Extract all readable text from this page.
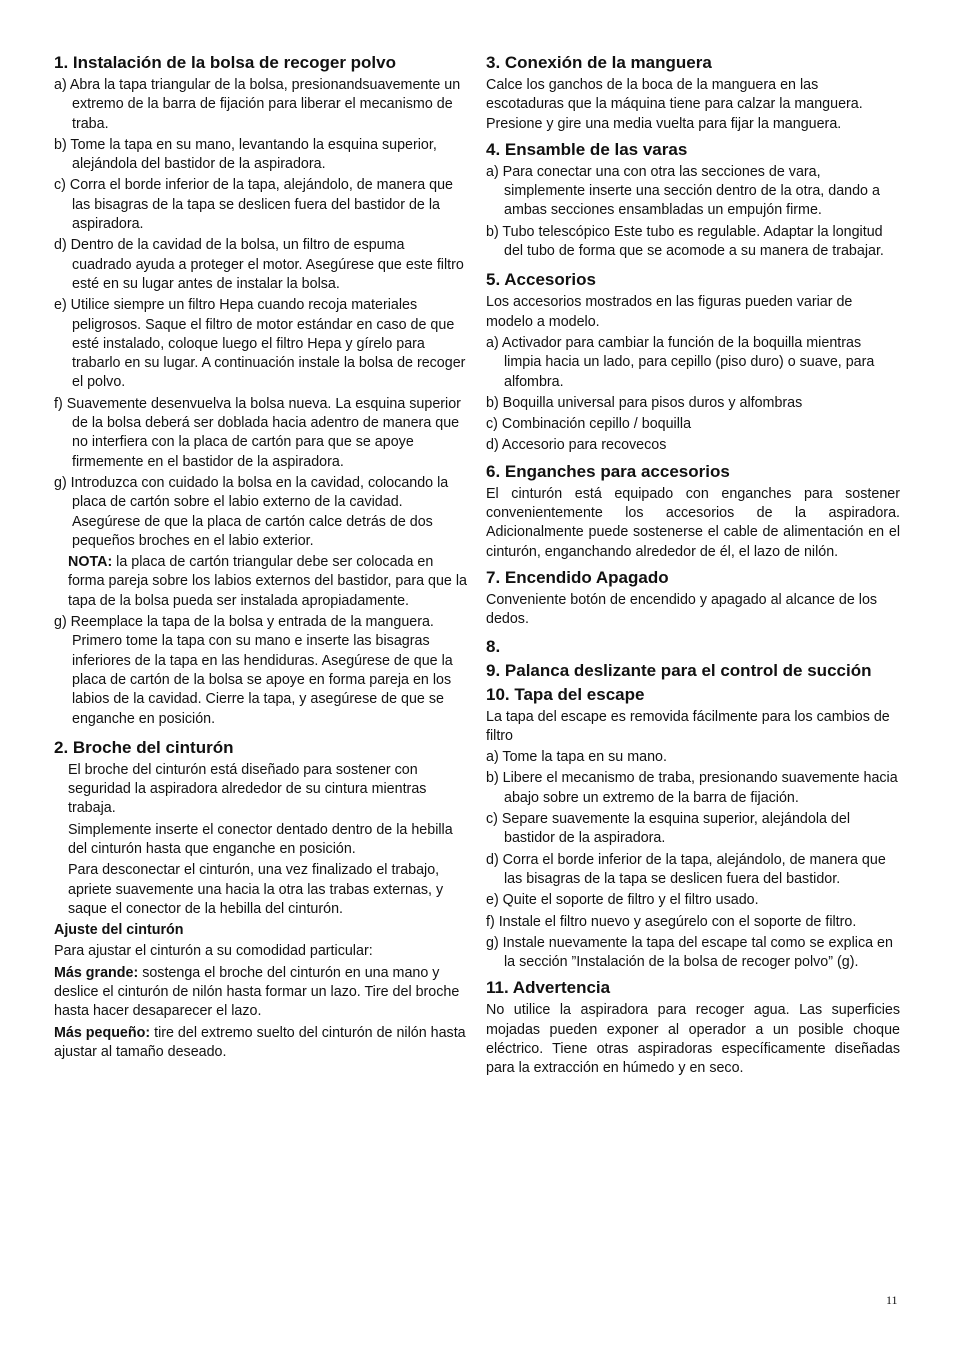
1. Instalación de la bolsa de recoger polvo
a) Abra la tapa triangular de la bolsa, presionandsuavemente un extremo de la barra de fijación para liberar el mecanismo de traba.
b) Tome la tapa en su mano, levantando la esquina superior, alejándola del bastidor de la aspiradora.
c) Corra el borde inferior de la tapa, alejándolo, de manera que las bisagras de la tapa se deslicen fuera del bastidor de la aspiradora.
d) Dentro de la cavidad de la bolsa, un filtro de espuma cuadrado ayuda a proteger el motor. Asegúrese que este filtro esté en su lugar antes de instalar la bolsa.
e) Utilice siempre un filtro Hepa cuando recoja materiales peligrosos. Saque el filtro de motor estándar en caso de que esté instalado, coloque luego el filtro Hepa y gírelo para trabarlo en su lugar. A continuación instale la bolsa de recoger el polvo.
f) Suavemente desenvuelva la bolsa nueva. La esquina superior de la bolsa deberá ser doblada hacia adentro de manera que no interfiera con la placa de cartón para que se apoye firmemente en el bastidor de la aspiradora.
g) Introduzca con cuidado la bolsa en la cavidad, colocando la placa de cartón sobre el labio externo de la cavidad. Asegúrese de que la placa de cartón calce detrás de dos pequeños broches en el labio exterior.

NOTA: la placa de cartón triangular debe ser colocada en forma pareja sobre los labios externos del bastidor, para que la tapa de la bolsa pueda ser instalada apropiadamente.

g) Reemplace la tapa de la bolsa y entrada de la manguera. Primero tome la tapa con su mano e inserte las bisagras inferiores de la tapa en las hendiduras. Asegúrese de que la placa de cartón de la bolsa se apoye en forma pareja en los labios de la cavidad. Cierre la tapa, y asegúrese de que se enganche en posición.
2. Broche del cinturón

El broche del cinturón está diseñado para sostener con seguridad la aspiradora alrededor de su cintura mientras trabaja.

Simplemente inserte el conector dentado dentro de la hebilla del cinturón hasta que enganche en posición.

Para desconectar el cinturón, una vez finalizado el trabajo, apriete suavemente una hacia la otra las trabas externas, y saque el conector de la hebilla del cinturón.

Ajuste del cinturón

Para ajustar el cinturón a su comodidad particular:

Más grande: sostenga el broche del cinturón en una mano y deslice el cinturón de nilón hasta formar un lazo. Tire del broche hasta hacer desaparecer el lazo.

Más pequeño: tire del extremo suelto del cinturón de nilón hasta ajustar al tamaño deseado.

3. Conexión de la manguera

Calce los ganchos de la boca de la manguera en las escotaduras que la máquina tiene para calzar la manguera. Presione y gire una media vuelta para fijar la manguera.

4. Ensamble de las varas
a) Para conectar una con otra las secciones de vara, simplemente inserte una sección dentro de la otra, dando a ambas secciones ensambladas un empujón firme.
b) Tubo telescópico Este tubo es regulable. Adaptar la longitud del tubo de forma que se acomode a su manera de trabajar.
5. Accesorios

Los accesorios mostrados en las figuras pueden variar de modelo a modelo.

a) Activador para cambiar la función de la boquilla mientras limpia hacia un lado, para cepillo (piso duro) o suave, para alfombra.
b) Boquilla universal para pisos duros y alfombras
c) Combinación cepillo / boquilla
d) Accesorio para recovecos
6. Enganches para accesorios

El cinturón está equipado con enganches para sostener convenientemente los accesorios de la aspiradora. Adicionalmente puede sostenerse el cable de alimentación en el cinturón, enganchando alrededor de él, el lazo de nilón.

7. Encendido Apagado

Conveniente botón de encendido y apagado al alcance de los dedos.

8.
9. Palanca deslizante para el control de succión
10. Tapa del escape

La tapa del escape es removida fácilmente para los cambios de filtro

a) Tome la tapa en su mano.
b) Libere el mecanismo de traba, presionando suavemente hacia abajo sobre un extremo de la barra de fijación.
c) Separe suavemente la esquina superior, alejándola del bastidor de la aspiradora.
d) Corra el borde inferior de la tapa, alejándolo, de manera que las bisagras de la tapa se deslicen fuera del bastidor.
e) Quite el soporte de filtro y el filtro usado.
f) Instale el filtro nuevo y asegúrelo con el soporte de filtro.
g) Instale nuevamente la tapa del escape tal como se explica en la sección ”Instalación de la bolsa de recoger polvo” (g).
11. Advertencia

No utilice la aspiradora para recoger agua. Las superficies mojadas pueden exponer al operador a un posible choque eléctrico. Tiene otras aspiradoras específicamente diseñadas para la extracción en húmedo y en seco.

11
